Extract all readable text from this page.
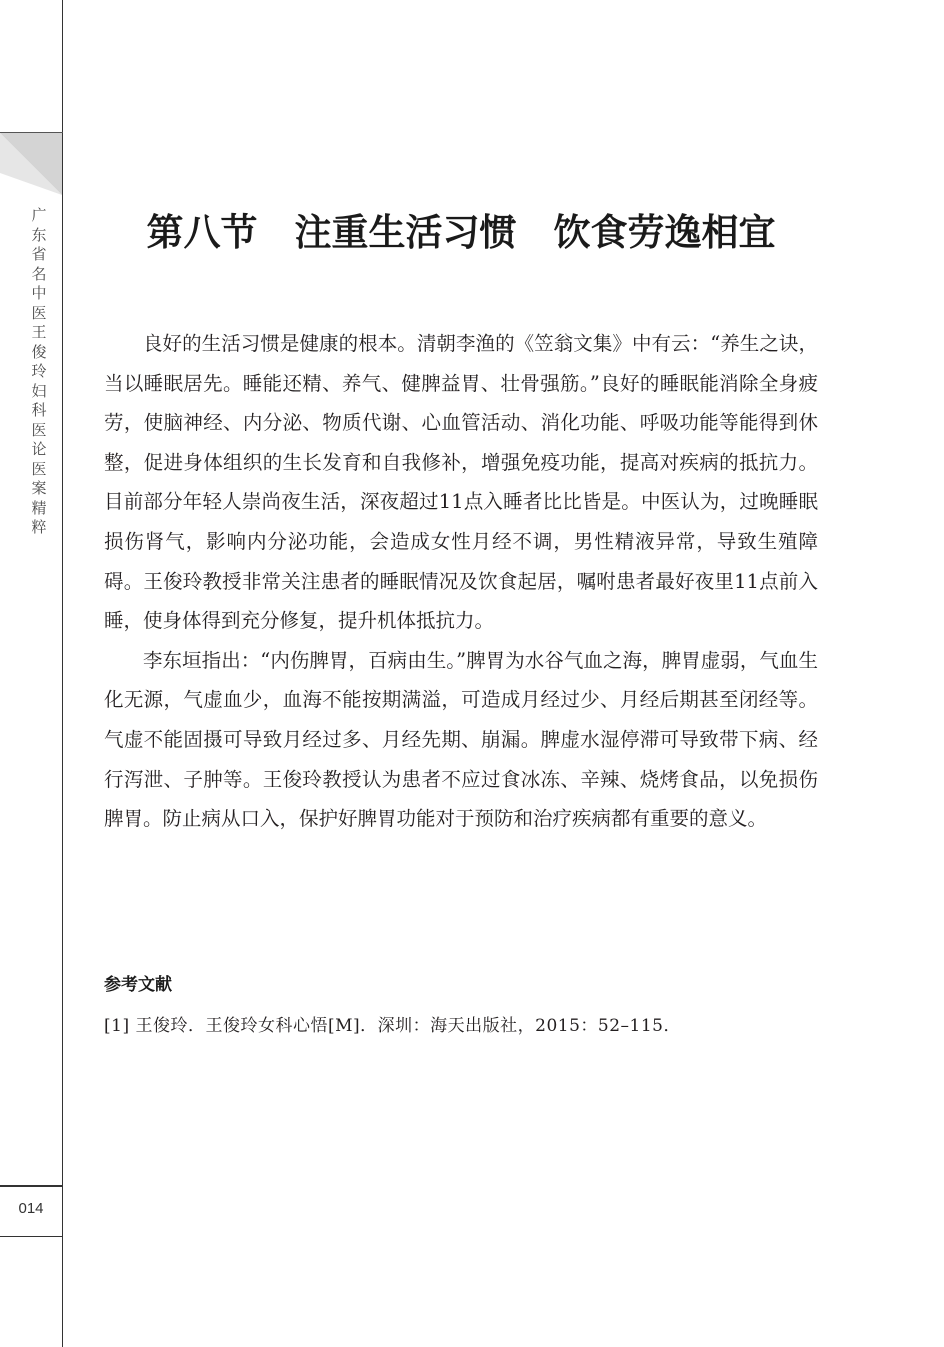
广东省名中医王俊玲妇科医论医案精粹
014
第八节　注重生活习惯　饮食劳逸相宜

良好的生活习惯是健康的根本。清朝李渔的《笠翁文集》中有云：“养生之诀，当以睡眠居先。睡能还精、养气、健脾益胃、壮骨强筋。”良好的睡眠能消除全身疲劳，使脑神经、内分泌、物质代谢、心血管活动、消化功能、呼吸功能等能得到休整，促进身体组织的生长发育和自我修补，增强免疫功能，提高对疾病的抵抗力。目前部分年轻人崇尚夜生活，深夜超过11点入睡者比比皆是。中医认为，过晚睡眠损伤肾气，影响内分泌功能，会造成女性月经不调，男性精液异常，导致生殖障碍。王俊玲教授非常关注患者的睡眠情况及饮食起居，嘱咐患者最好夜里11点前入睡，使身体得到充分修复，提升机体抵抗力。

李东垣指出：“内伤脾胃，百病由生。”脾胃为水谷气血之海，脾胃虚弱，气血生化无源，气虚血少，血海不能按期满溢，可造成月经过少、月经后期甚至闭经等。气虚不能固摄可导致月经过多、月经先期、崩漏。脾虚水湿停滞可导致带下病、经行泻泄、子肿等。王俊玲教授认为患者不应过食冰冻、辛辣、烧烤食品，以免损伤脾胃。防止病从口入，保护好脾胃功能对于预防和治疗疾病都有重要的意义。

参考文献
[1] 王俊玲．王俊玲女科心悟[M]．深圳：海天出版社，2015：52–115．
